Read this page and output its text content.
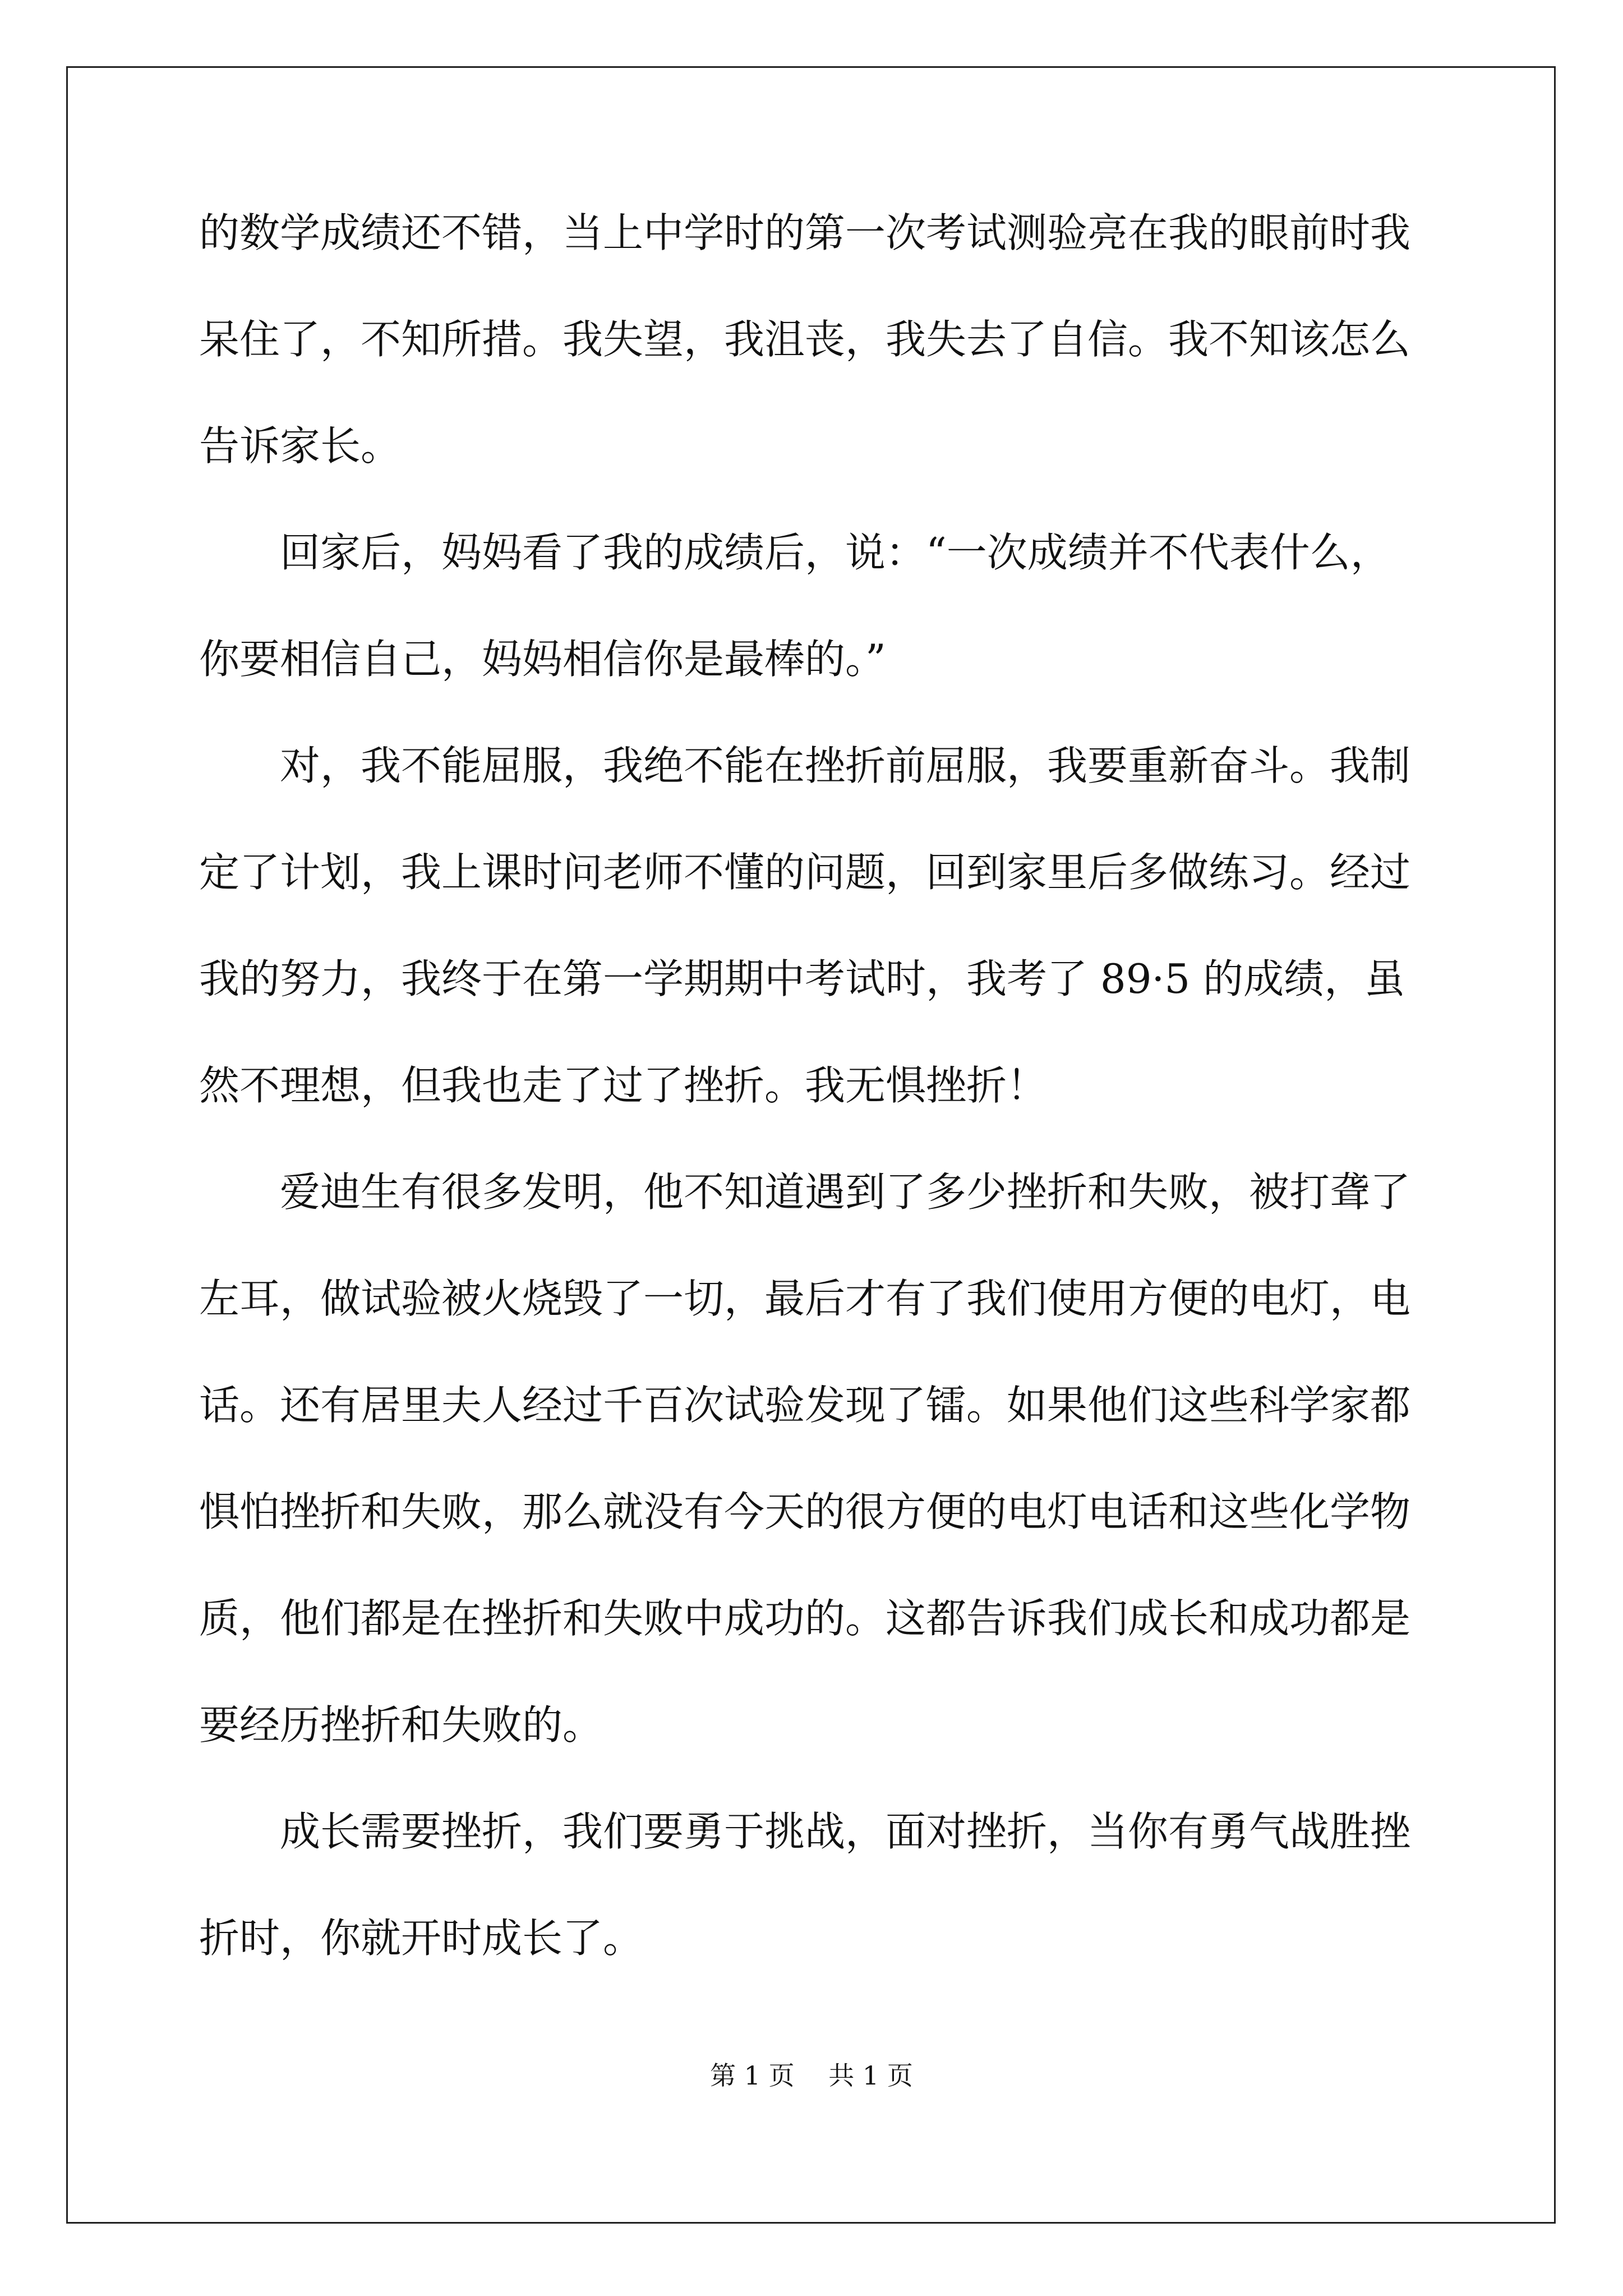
的数学成绩还不错，当上中学时的第一次考试测验亮在我的眼前时我
呆住了，不知所措。我失望，我沮丧，我失去了自信。我不知该怎么
告诉家长。
　　回家后，妈妈看了我的成绩后，说：“一次成绩并不代表什么，
你要相信自己，妈妈相信你是最棒的。”
　　对，我不能屈服，我绝不能在挫折前屈服，我要重新奋斗。我制
定了计划，我上课时问老师不懂的问题，回到家里后多做练习。经过
我的努力，我终于在第一学期期中考试时，我考了 89·5 的成绩，虽
然不理想，但我也走了过了挫折。我无惧挫折！
　　爱迪生有很多发明，他不知道遇到了多少挫折和失败，被打聋了
左耳，做试验被火烧毁了一切，最后才有了我们使用方便的电灯，电
话。还有居里夫人经过千百次试验发现了镭。如果他们这些科学家都
惧怕挫折和失败，那么就没有今天的很方便的电灯电话和这些化学物
质，他们都是在挫折和失败中成功的。这都告诉我们成长和成功都是
要经历挫折和失败的。
　　成长需要挫折，我们要勇于挑战，面对挫折，当你有勇气战胜挫
折时，你就开时成长了。
第 1 页　 共 1 页
